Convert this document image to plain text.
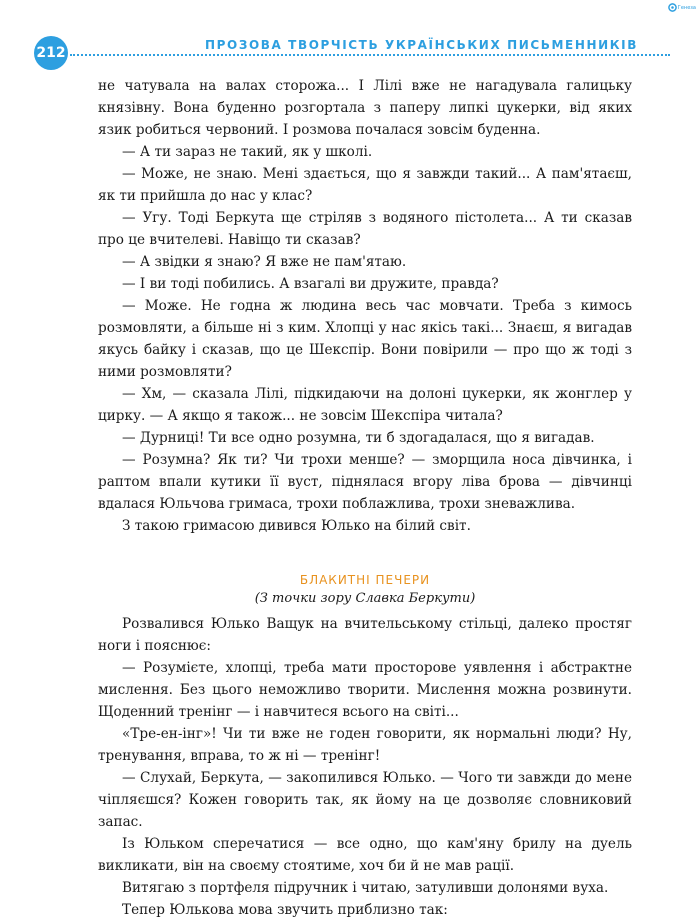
Генеза
212	ПРОЗОВА ТВОРЧІСТЬ УКРАЇНСЬКИХ ПИСЬМЕННИКІВ

не чатувала на валах сторожа... І Лілі вже не нагадувала галицьку князівну. Вона буденно розгортала з паперу липкі цукерки, від яких язик робиться червоний. І розмова почалася зовсім буденна.

— А ти зараз не такий, як у школі.

— Може, не знаю. Мені здається, що я завжди такий... А пам'ятаєш, як ти прийшла до нас у клас?

— Угу. Тоді Беркута ще стріляв з водяного пістолета... А ти сказав про це вчителеві. Навіщо ти сказав?

— А звідки я знаю? Я вже не пам'ятаю.

— І ви тоді побились. А взагалі ви дружите, правда?

— Може. Не годна ж людина весь час мовчати. Треба з кимось розмовляти, а більше ні з ким. Хлопці у нас якісь такі... Знаєш, я вигадав якусь байку і сказав, що це Шекспір. Вони повірили — про що ж тоді з ними розмовляти?

— Хм, — сказала Лілі, підкидаючи на долоні цукерки, як жонглер у цирку. — А якщо я також... не зовсім Шекспіра читала?

— Дурниці! Ти все одно розумна, ти б здогадалася, що я вигадав.

— Розумна? Як ти? Чи трохи менше? — зморщила носа дівчинка, і раптом впали кутики її вуст, піднялася вгору ліва брова — дівчинці вдалася Юльчова гримаса, трохи поблажлива, трохи зневажлива.

З такою гримасою дивився Юлько на білий світ.

БЛАКИТНІ ПЕЧЕРИ
(З точки зору Славка Беркути)

Розвалився Юлько Ващук на вчительському стільці, далеко простяг ноги і пояснює:

— Розумієте, хлопці, треба мати просторове уявлення і абстрактне мислення. Без цього неможливо творити. Мислення можна розвинути. Щоденний тренінг — і навчитеся всього на світі...

«Тре-ен-інг»! Чи ти вже не годен говорити, як нормальні люди? Ну, тренування, вправа, то ж ні — тренінг!

— Слухай, Беркута, — закопилився Юлько. — Чого ти завжди до мене чіпляєшся? Кожен говорить так, як йому на це дозволяє словниковий запас.

Із Юльком сперечатися — все одно, що кам'яну брилу на дуель викликати, він на своєму стоятиме, хоч би й не мав рації.

Витягаю з портфеля підручник і читаю, затуливши долонями вуха.

Тепер Юлькова мова звучить приблизно так:
